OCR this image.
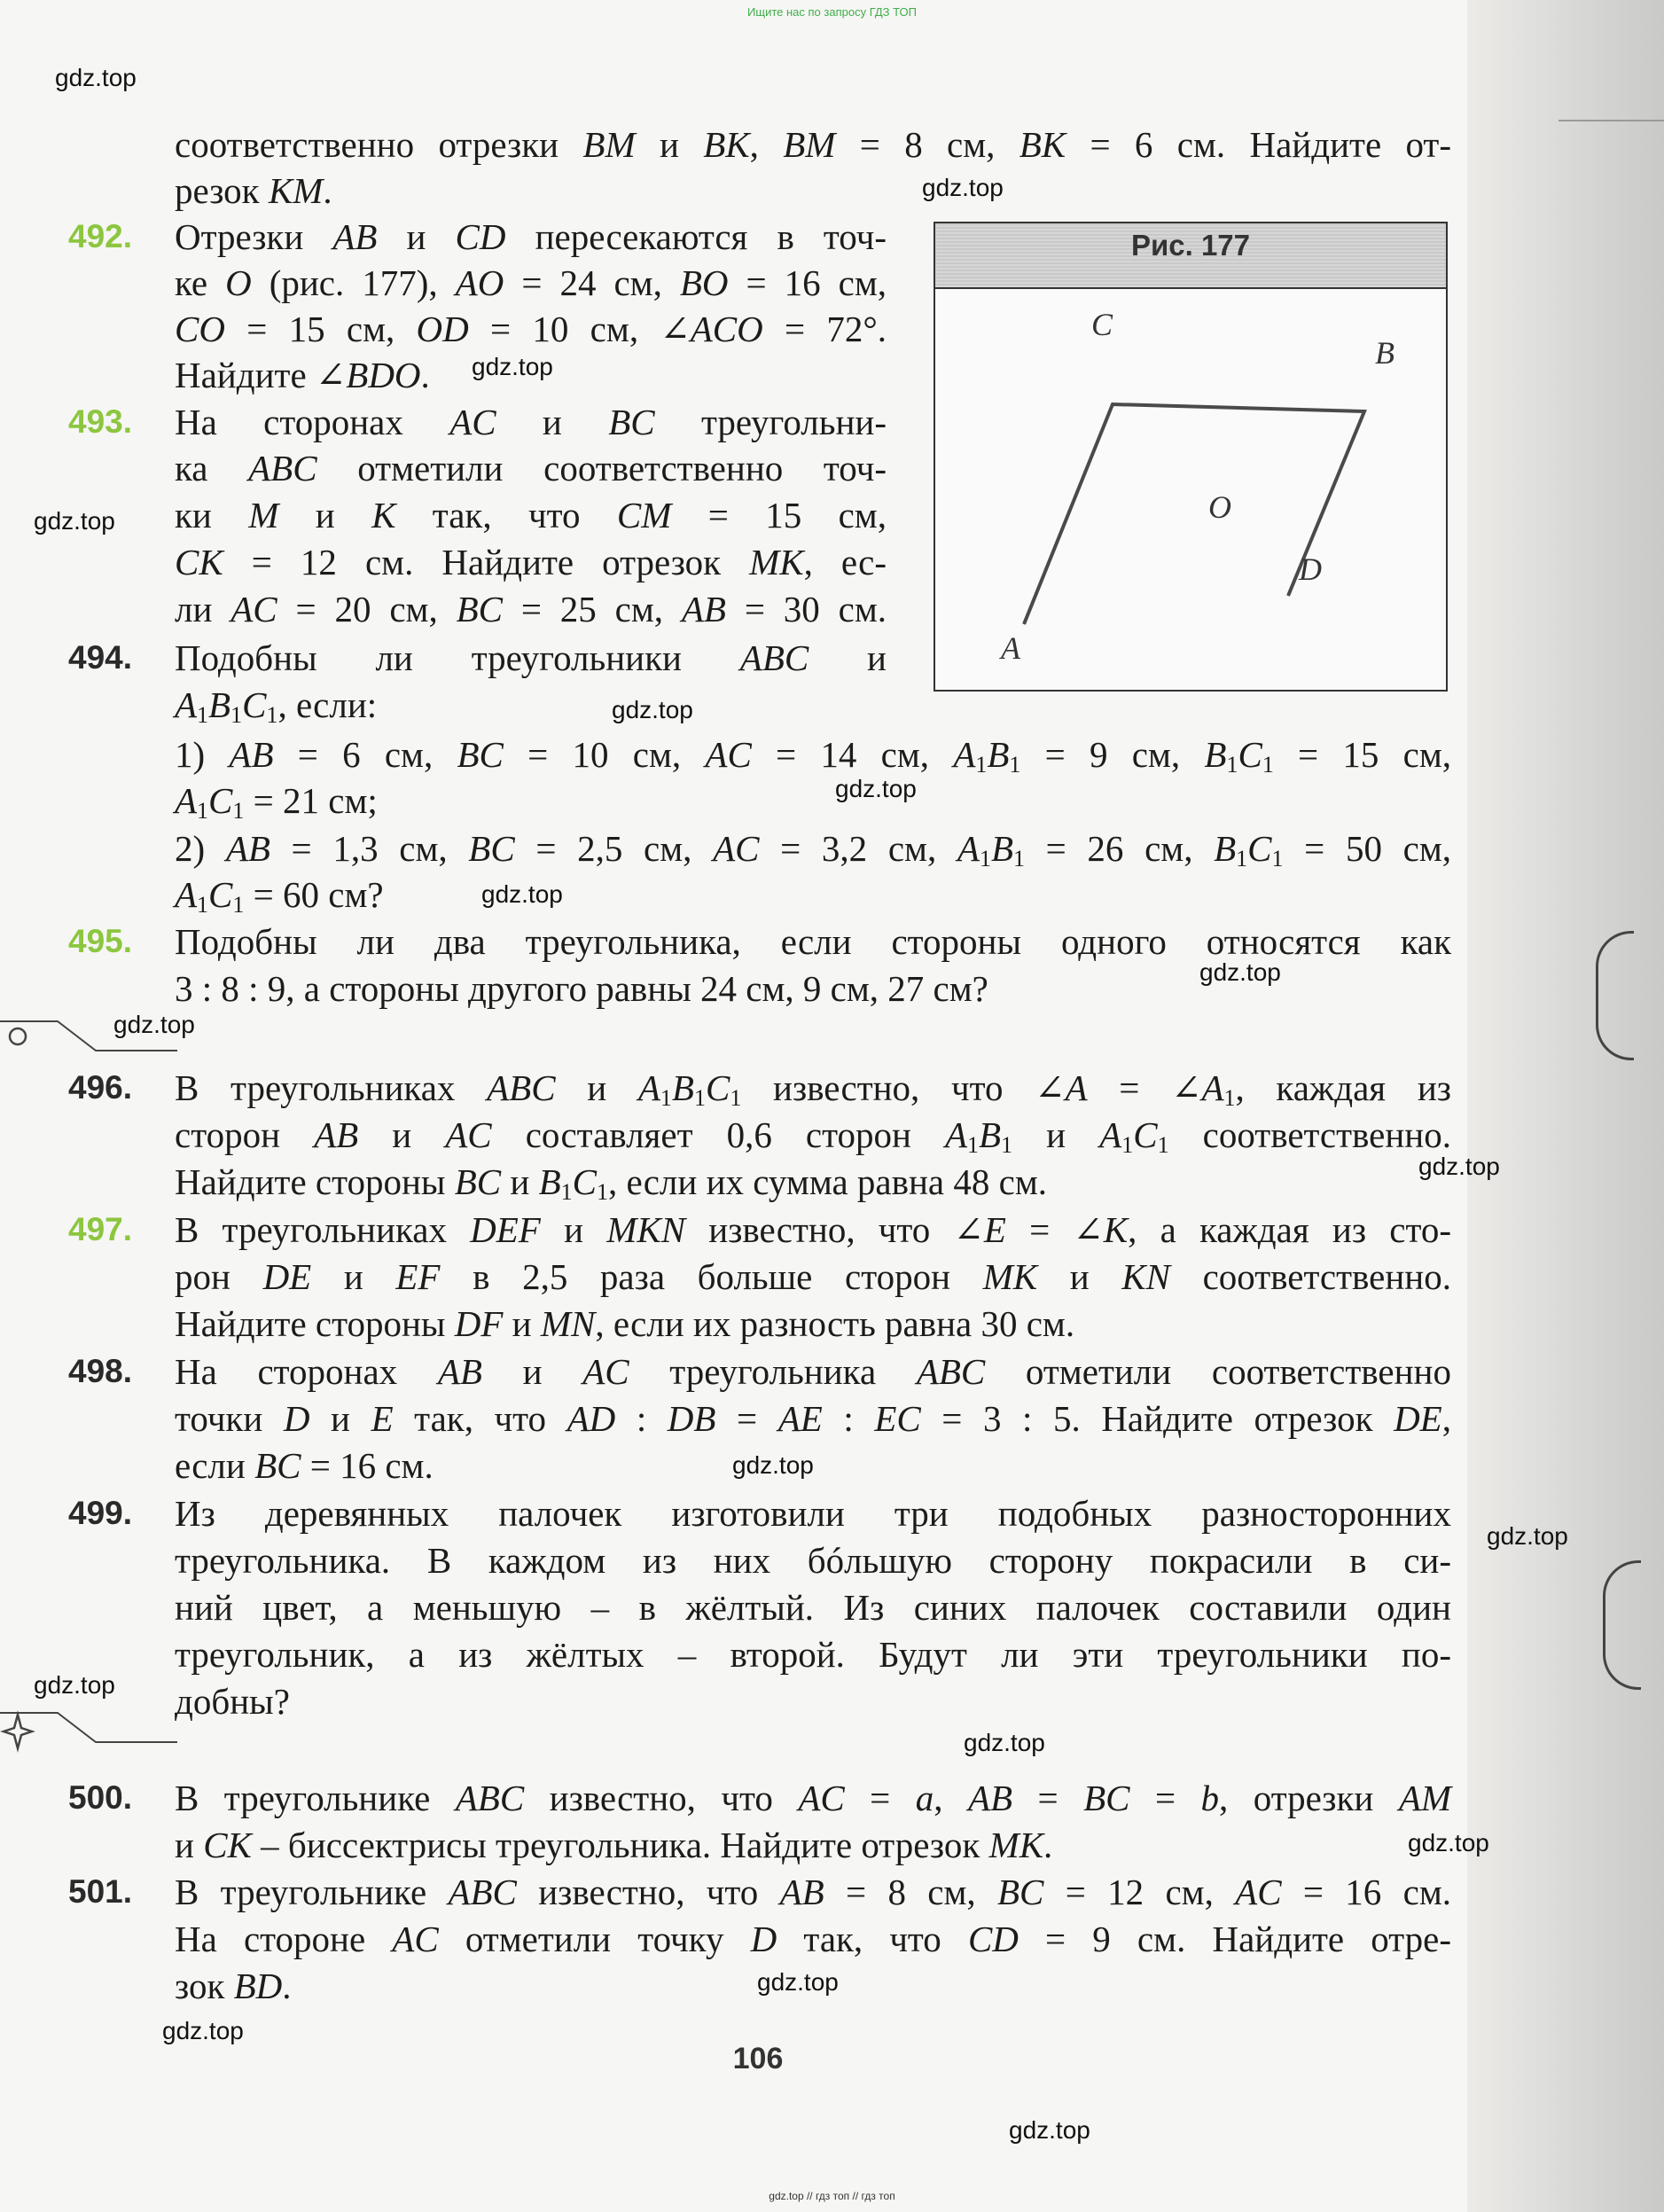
Ищите нас по запросу ГДЗ ТОП
gdz.top
gdz.top
gdz.top
gdz.top
gdz.top
gdz.top
gdz.top
gdz.top
gdz.top
gdz.top
gdz.top
gdz.top
gdz.top
gdz.top
gdz.top
gdz.top
gdz.top
gdz.top
Рис. 177
A
B
C
D
O
492.
493.
494.
495.
496.
497.
498.
499.
500.
501.
соответственно отрезки BM и BK, BM = 8 см, BK = 6 см. Найдите от-
резок KM.
Отрезки AB и CD пересекаются в точ-
ке O (рис. 177), AO = 24 см, BO = 16 см,
CO = 15 см, OD = 10 см, ∠ACO = 72°.
Найдите ∠BDO.
На сторонах AC и BC треугольни-
ка ABC отметили соответственно точ-
ки M и K так, что CM = 15 см,
CK = 12 см. Найдите отрезок MK, ес-
ли AC = 20 см, BC = 25 см, AB = 30 см.
Подобны ли треугольники ABC и
$A_1B_1C_1$, если:
1) AB = 6 см, BC = 10 см, AC = 14 см, $A_1B_1 = 9$ см, $B_1C_1 = 15$ см,
$A_1C_1 = 21$ см;
2) AB = 1,3 см, BC = 2,5 см, AC = 3,2 см, $A_1B_1 = 26$ см, $B_1C_1 = 50$ см,
$A_1C_1 = 60$ см?
Подобны ли два треугольника, если стороны одного относятся как
3 : 8 : 9, а стороны другого равны 24 см, 9 см, 27 см?
В треугольниках ABC и $A_1B_1C_1$ известно, что ∠A = $\angle A_1$, каждая из
сторон AB и AC составляет 0,6 сторон $A_1B_1$ и $A_1C_1$ соответственно.
Найдите стороны BC и $B_1C_1$, если их сумма равна 48 см.
В треугольниках DEF и MKN известно, что ∠E = ∠K, а каждая из сто-
рон DE и EF в 2,5 раза больше сторон MK и KN соответственно.
Найдите стороны DF и MN, если их разность равна 30 см.
На сторонах AB и AC треугольника ABC отметили соответственно
точки D и E так, что AD : DB = AE : EC = 3 : 5. Найдите отрезок DE,
если BC = 16 см.
Из деревянных палочек изготовили три подобных разносторонних
треугольника. В каждом из них бóльшую сторону покрасили в си-
ний цвет, а меньшую – в жёлтый. Из синих палочек составили один
треугольник, а из жёлтых – второй. Будут ли эти треугольники по-
добны?
В треугольнике ABC известно, что AC = a, AB = BC = b, отрезки AM
и CK – биссектрисы треугольника. Найдите отрезок MK.
В треугольнике ABC известно, что AB = 8 см, BC = 12 см, AC = 16 см.
На стороне AC отметили точку D так, что CD = 9 см. Найдите отре-
зок BD.
106
gdz.top // гдз топ // гдз топ
